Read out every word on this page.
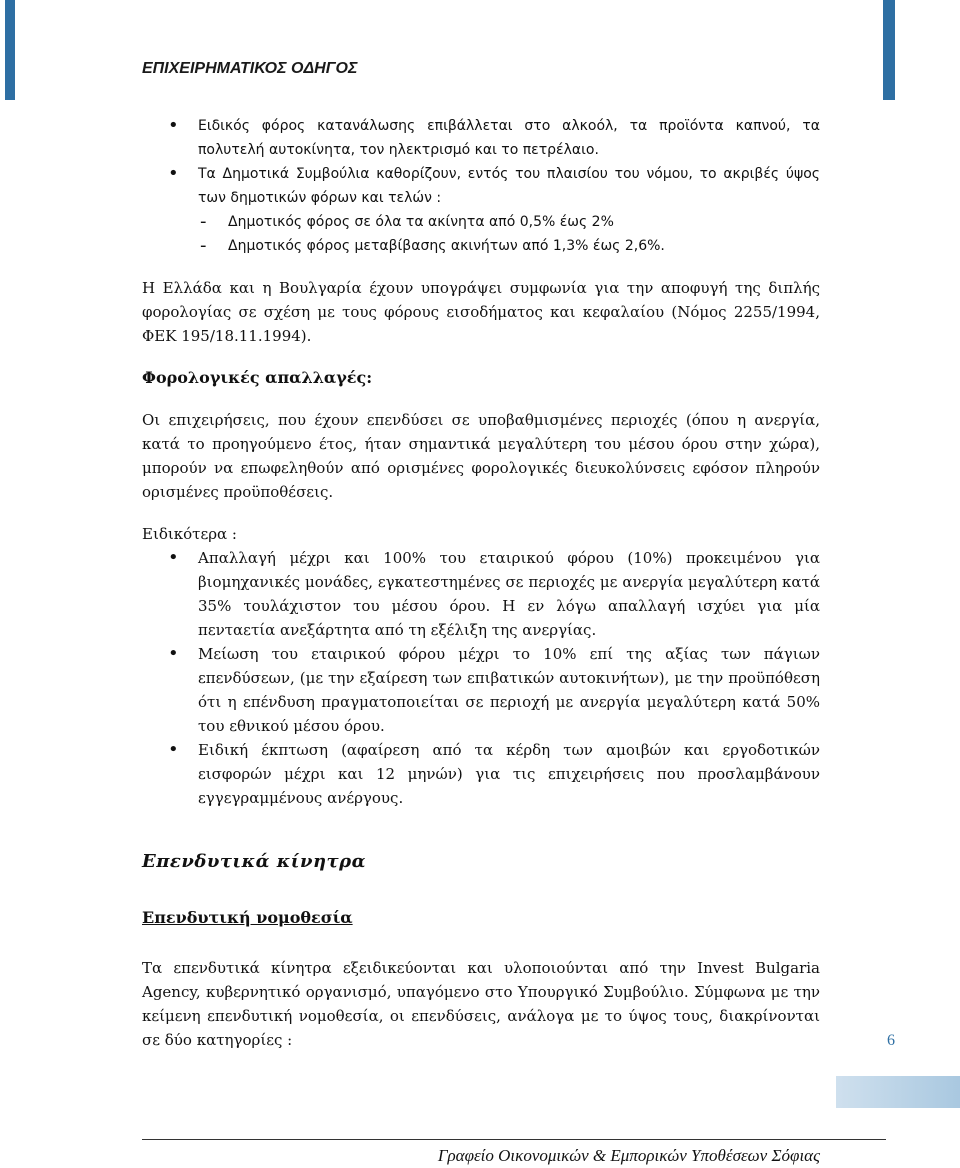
ΕΠΙΧΕΙΡΗΜΑΤΙΚΟΣ ΟΔΗΓΟΣ
• Ειδικός φόρος κατανάλωσης επιβάλλεται στο αλκοόλ, τα προϊόντα καπνού, τα πολυτελή αυτοκίνητα, τον ηλεκτρισμό και το πετρέλαιο.
• Τα Δημοτικά Συμβούλια καθορίζουν, εντός του πλαισίου του νόμου, το ακριβές ύψος των δημοτικών φόρων και τελών :
- Δημοτικός φόρος σε όλα τα ακίνητα από 0,5% έως 2%
- Δημοτικός φόρος μεταβίβασης ακινήτων από 1,3% έως 2,6%.

Η Ελλάδα και η Βουλγαρία έχουν υπογράψει συμφωνία για την αποφυγή της διπλής φορολογίας σε σχέση με τους φόρους εισοδήματος και κεφαλαίου (Νόμος 2255/1994, ΦΕΚ 195/18.11.1994).

Φορολογικές απαλλαγές:

Οι επιχειρήσεις, που έχουν επενδύσει σε υποβαθμισμένες περιοχές (όπου η ανεργία, κατά το προηγούμενο έτος, ήταν σημαντικά μεγαλύτερη του μέσου όρου στην χώρα), μπορούν να επωφεληθούν από ορισμένες φορολογικές διευκολύνσεις εφόσον πληρούν ορισμένες προϋποθέσεις.

Ειδικότερα :

• Απαλλαγή μέχρι και 100% του εταιρικού φόρου (10%) προκειμένου για βιομηχανικές μονάδες, εγκατεστημένες σε περιοχές με ανεργία μεγαλύτερη κατά 35% τουλάχιστον του μέσου όρου. Η εν λόγω απαλλαγή ισχύει για μία πενταετία ανεξάρτητα από τη εξέλιξη της ανεργίας.
• Μείωση του εταιρικού φόρου μέχρι το 10% επί της αξίας των πάγιων επενδύσεων, (με την εξαίρεση των επιβατικών αυτοκινήτων), με την προϋπόθεση ότι η επένδυση πραγματοποιείται σε περιοχή με ανεργία μεγαλύτερη κατά 50% του εθνικού μέσου όρου.
• Ειδική έκπτωση (αφαίρεση από τα κέρδη των αμοιβών και εργοδοτικών εισφορών μέχρι και 12 μηνών) για τις επιχειρήσεις που προσλαμβάνουν εγγεγραμμένους ανέργους.

Επενδυτικά κίνητρα

Επενδυτική νομοθεσία

Τα επενδυτικά κίνητρα εξειδικεύονται και υλοποιούνται από την Invest Bulgaria Agency, κυβερνητικό οργανισμό, υπαγόμενο στο Υπουργικό Συμβούλιο. Σύμφωνα με την κείμενη επενδυτική νομοθεσία, οι επενδύσεις, ανάλογα με το ύψος τους, διακρίνονται σε δύο κατηγορίες :	6
Γραφείο Οικονομικών & Εμπορικών Υποθέσεων Σόφιας
